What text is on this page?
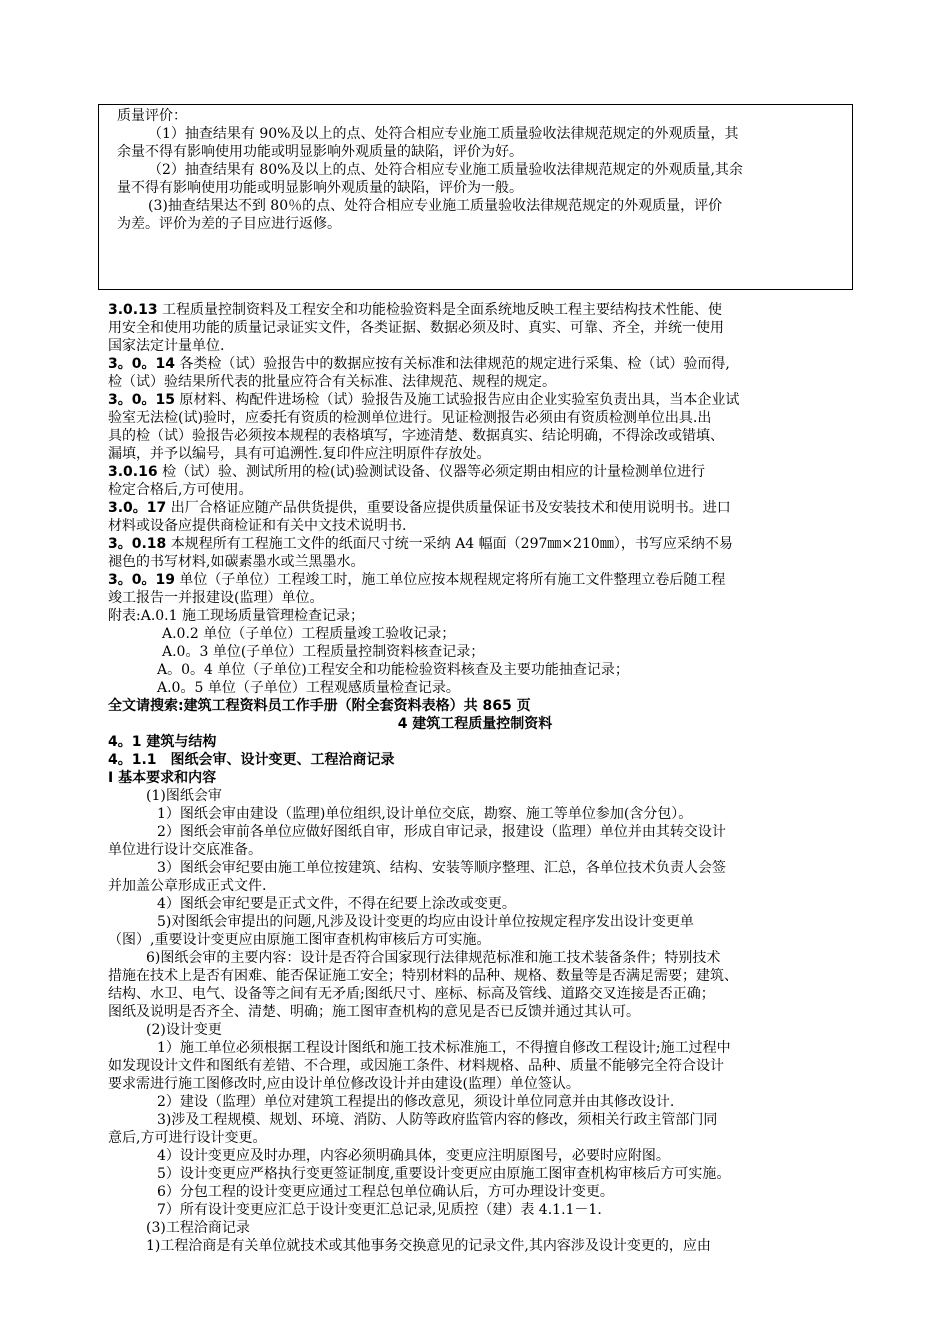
质量评价：
（1）抽查结果有 90%及以上的点、处符合相应专业施工质量验收法律规范规定的外观质量，其
余量不得有影响使用功能或明显影响外观质量的缺陷，评价为好。
（2）抽查结果有 80%及以上的点、处符合相应专业施工质量验收法律规范规定的外观质量,其余
量不得有影响使用功能或明显影响外观质量的缺陷，评价为一般。
(3)抽查结果达不到 80％的点、处符合相应专业施工质量验收法律规范规定的外观质量，评价
为差。评价为差的子目应进行返修。
3.0.13 工程质量控制资料及工程安全和功能检验资料是全面系统地反映工程主要结构技术性能、使
用安全和使用功能的质量记录证实文件，各类证据、数据必须及时、真实、可靠、齐全，并统一使用
国家法定计量单位.
3。0。14 各类检（试）验报告中的数据应按有关标准和法律规范的规定进行采集、检（试）验而得,
检（试）验结果所代表的批量应符合有关标准、法律规范、规程的规定。
3。0。15 原材料、构配件进场检（试）验报告及施工试验报告应由企业实验室负责出具，当本企业试
验室无法检(试)验时，应委托有资质的检测单位进行。见证检测报告必须由有资质检测单位出具.出
具的检（试）验报告必须按本规程的表格填写，字迹清楚、数据真实、结论明确，不得涂改或错填、
漏填，并予以编号，具有可追溯性.复印件应注明原件存放处。
3.0.16 检（试）验、测试所用的检(试)验测试设备、仪器等必须定期由相应的计量检测单位进行
检定合格后,方可使用。
3.0。17 出厂合格证应随产品供货提供，重要设备应提供质量保证书及安装技术和使用说明书。进口
材料或设备应提供商检证和有关中文技术说明书.
3。0.18 本规程所有工程施工文件的纸面尺寸统一采纳 A4 幅面（297㎜×210㎜），书写应采纳不易
褪色的书写材料,如碳素墨水或兰黑墨水。
3。0。19 单位（子单位）工程竣工时，施工单位应按本规程规定将所有施工文件整理立卷后随工程
竣工报告一并报建设(监理）单位。
附表:A.0.1 施工现场质量管理检查记录；
A.0.2 单位（子单位）工程质量竣工验收记录；
A.0。3 单位(子单位）工程质量控制资料核查记录；
A。0。4 单位（子单位)工程安全和功能检验资料核查及主要功能抽查记录；
A.0。5 单位（子单位）工程观感质量检查记录。
全文请搜索:建筑工程资料员工作手册（附全套资料表格）共 865 页
4 建筑工程质量控制资料
4。1 建筑与结构
4。1.1　图纸会审、设计变更、工程洽商记录
Ⅰ 基本要求和内容
(1)图纸会审
1）图纸会审由建设（监理)单位组织,设计单位交底，勘察、施工等单位参加(含分包）。
2）图纸会审前各单位应做好图纸自审，形成自审记录，报建设（监理）单位并由其转交设计
单位进行设计交底准备。
3）图纸会审纪要由施工单位按建筑、结构、安装等顺序整理、汇总，各单位技术负责人会签
并加盖公章形成正式文件.
4）图纸会审纪要是正式文件，不得在纪要上涂改或变更。
5)对图纸会审提出的问题,凡涉及设计变更的均应由设计单位按规定程序发出设计变更单
（图）,重要设计变更应由原施工图审查机构审核后方可实施。
6)图纸会审的主要内容：设计是否符合国家现行法律规范标准和施工技术装备条件；特别技术
措施在技术上是否有困难、能否保证施工安全；特别材料的品种、规格、数量等是否满足需要；建筑、
结构、水卫、电气、设备等之间有无矛盾;图纸尺寸、座标、标高及管线、道路交叉连接是否正确；
图纸及说明是否齐全、清楚、明确；施工图审查机构的意见是否已反馈并通过其认可。
(2)设计变更
1）施工单位必须根据工程设计图纸和施工技术标准施工，不得擅自修改工程设计;施工过程中
如发现设计文件和图纸有差错、不合理，或因施工条件、材料规格、品种、质量不能够完全符合设计
要求需进行施工图修改时,应由设计单位修改设计并由建设(监理）单位签认。
2）建设（监理）单位对建筑工程提出的修改意见，须设计单位同意并由其修改设计.
3)涉及工程规模、规划、环境、消防、人防等政府监管内容的修改，须相关行政主管部门同
意后,方可进行设计变更。
4）设计变更应及时办理，内容必须明确具体，变更应注明原图号，必要时应附图。
5）设计变更应严格执行变更签证制度,重要设计变更应由原施工图审查机构审核后方可实施。
6）分包工程的设计变更应通过工程总包单位确认后，方可办理设计变更。
7）所有设计变更应汇总于设计变更汇总记录,见质控（建）表 4.1.1－1.
(3)工程洽商记录
1)工程洽商是有关单位就技术或其他事务交换意见的记录文件,其内容涉及设计变更的，应由
